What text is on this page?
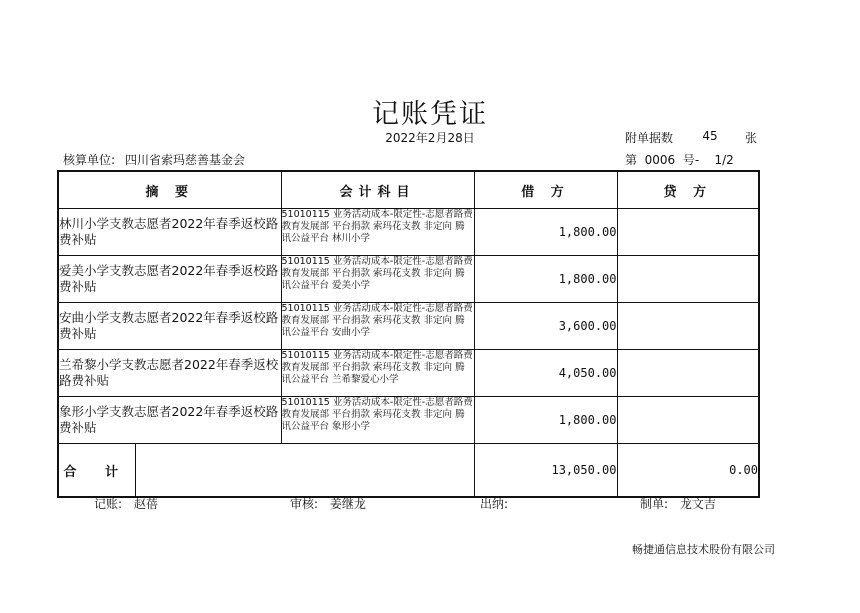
记账凭证
2022年2月28日	附单据数	45	张
核算单位: 四川省索玛慈善基金会	第 0006 号- 1/2
摘 要		会计科目	借 方	贷 方
林川小学支教志愿者2022年春季返校路费补贴		51010115 业务活动成本-限定性-志愿者路费 教育发展部 平台捐款 索玛花支教 非定向 腾讯公益平台 林川小学	1,800.00	
爱美小学支教志愿者2022年春季返校路费补贴		51010115 业务活动成本-限定性-志愿者路费 教育发展部 平台捐款 索玛花支教 非定向 腾讯公益平台 爱美小学	1,800.00	
安曲小学支教志愿者2022年春季返校路费补贴		51010115 业务活动成本-限定性-志愿者路费 教育发展部 平台捐款 索玛花支教 非定向 腾讯公益平台 安曲小学	3,600.00	
兰希黎小学支教志愿者2022年春季返校路费补贴		51010115 业务活动成本-限定性-志愿者路费 教育发展部 平台捐款 索玛花支教 非定向 腾讯公益平台 兰希黎爱心小学	4,050.00	
象形小学支教志愿者2022年春季返校路费补贴		51010115 业务活动成本-限定性-志愿者路费 教育发展部 平台捐款 索玛花支教 非定向 腾讯公益平台 象形小学	1,800.00	
合 计			13,050.00	0.00
记账: 赵蓓	审核: 姜继龙	出纳:	制单: 龙文吉
畅捷通信息技术股份有限公司
